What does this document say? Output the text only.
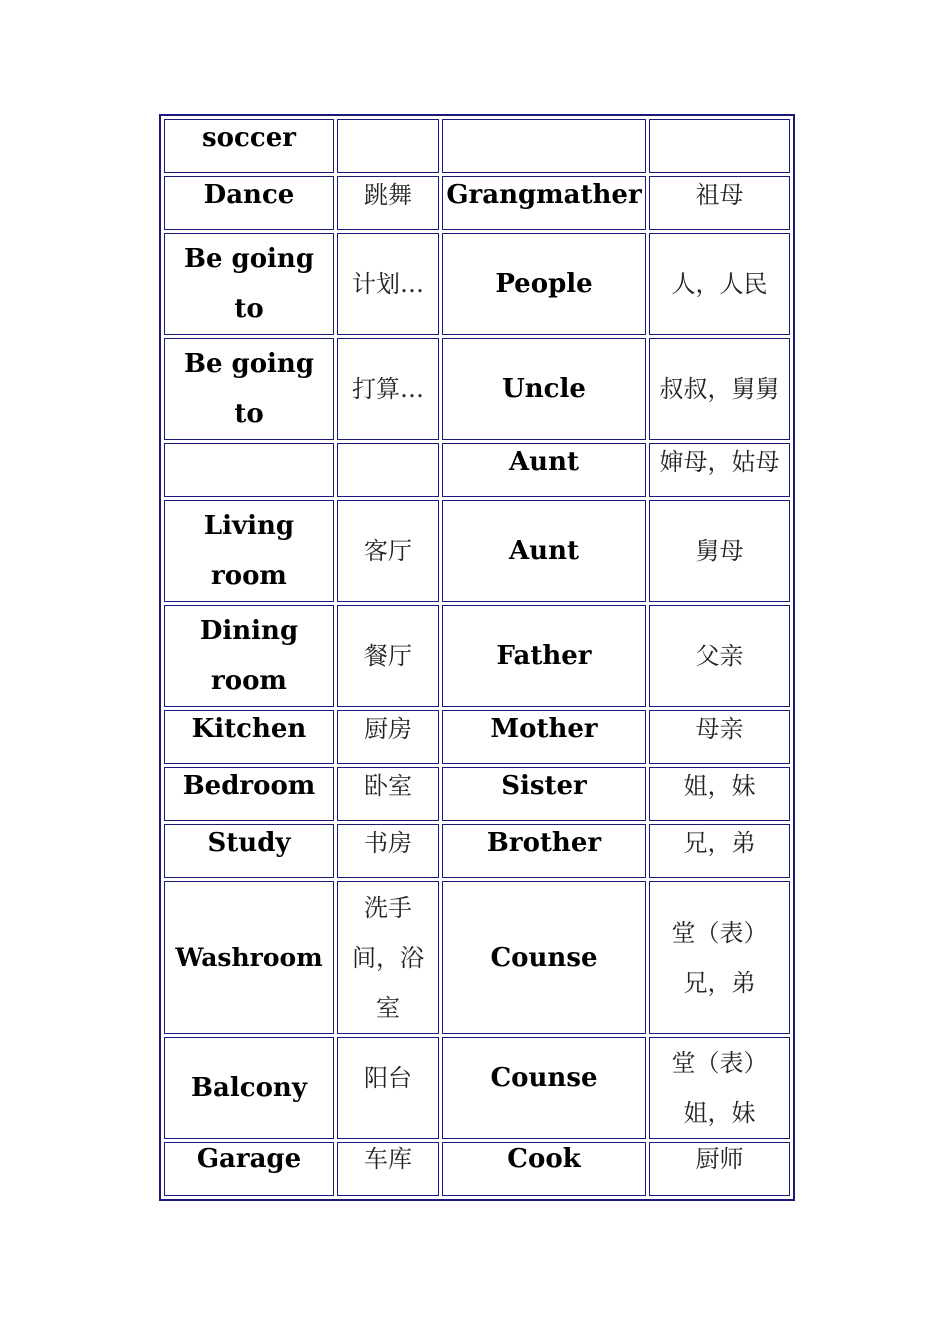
soccer			

Dance	跳舞	Grangmather	祖母

Be going to	计划…	People	人，人民

Be going to	打算…	Uncle	叔叔，舅舅

		Aunt	婶母，姑母

Living room	客厅	Aunt	舅母

Dining room	餐厅	Father	父亲

Kitchen	厨房	Mother	母亲

Bedroom	卧室	Sister	姐，妹

Study	书房	Brother	兄，弟

Washroom	洗手间，浴室	Counse	堂（表）兄，弟

Balcony	阳台	Counse	堂（表）姐，妹

Garage	车库	Cook	厨师
